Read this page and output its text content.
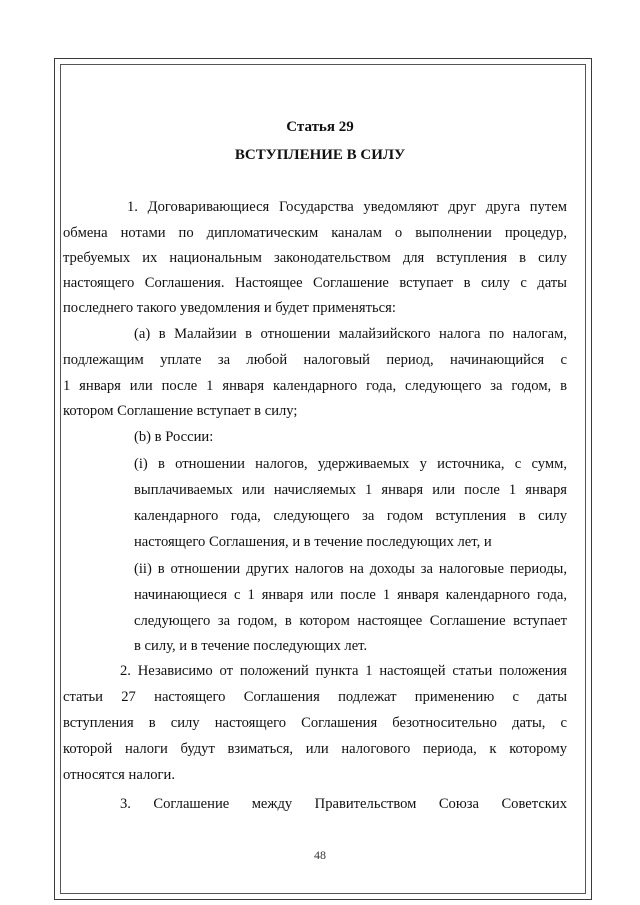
Статья 29
ВСТУПЛЕНИЕ В СИЛУ
1. Договаривающиеся Государства уведомляют друг друга путем
обмена нотами по дипломатическим каналам о выполнении процедур,
требуемых их национальным законодательством для вступления в силу
настоящего Соглашения. Настоящее Соглашение вступает в силу с даты
последнего такого уведомления и будет применяться:
(a) в Малайзии в отношении малайзийского налога по налогам,
подлежащим уплате за любой налоговый период, начинающийся с
1 января или после 1 января календарного года, следующего за годом, в
котором Соглашение вступает в силу;
(b) в России:
(i) в отношении налогов, удерживаемых у источника, с сумм,
выплачиваемых или начисляемых 1 января или после 1 января
календарного года, следующего за годом вступления в силу
настоящего Соглашения, и в течение последующих лет, и
(ii) в отношении других налогов на доходы за налоговые периоды,
начинающиеся с 1 января или после 1 января календарного года,
следующего за годом, в котором настоящее Соглашение вступает
в силу, и в течение последующих лет.
2. Независимо от положений пункта 1 настоящей статьи положения
статьи 27 настоящего Соглашения подлежат применению с даты
вступления в силу настоящего Соглашения безотносительно даты, с
которой налоги будут взиматься, или налогового периода, к которому
относятся налоги.
3. Соглашение между Правительством Союза Советских
48
